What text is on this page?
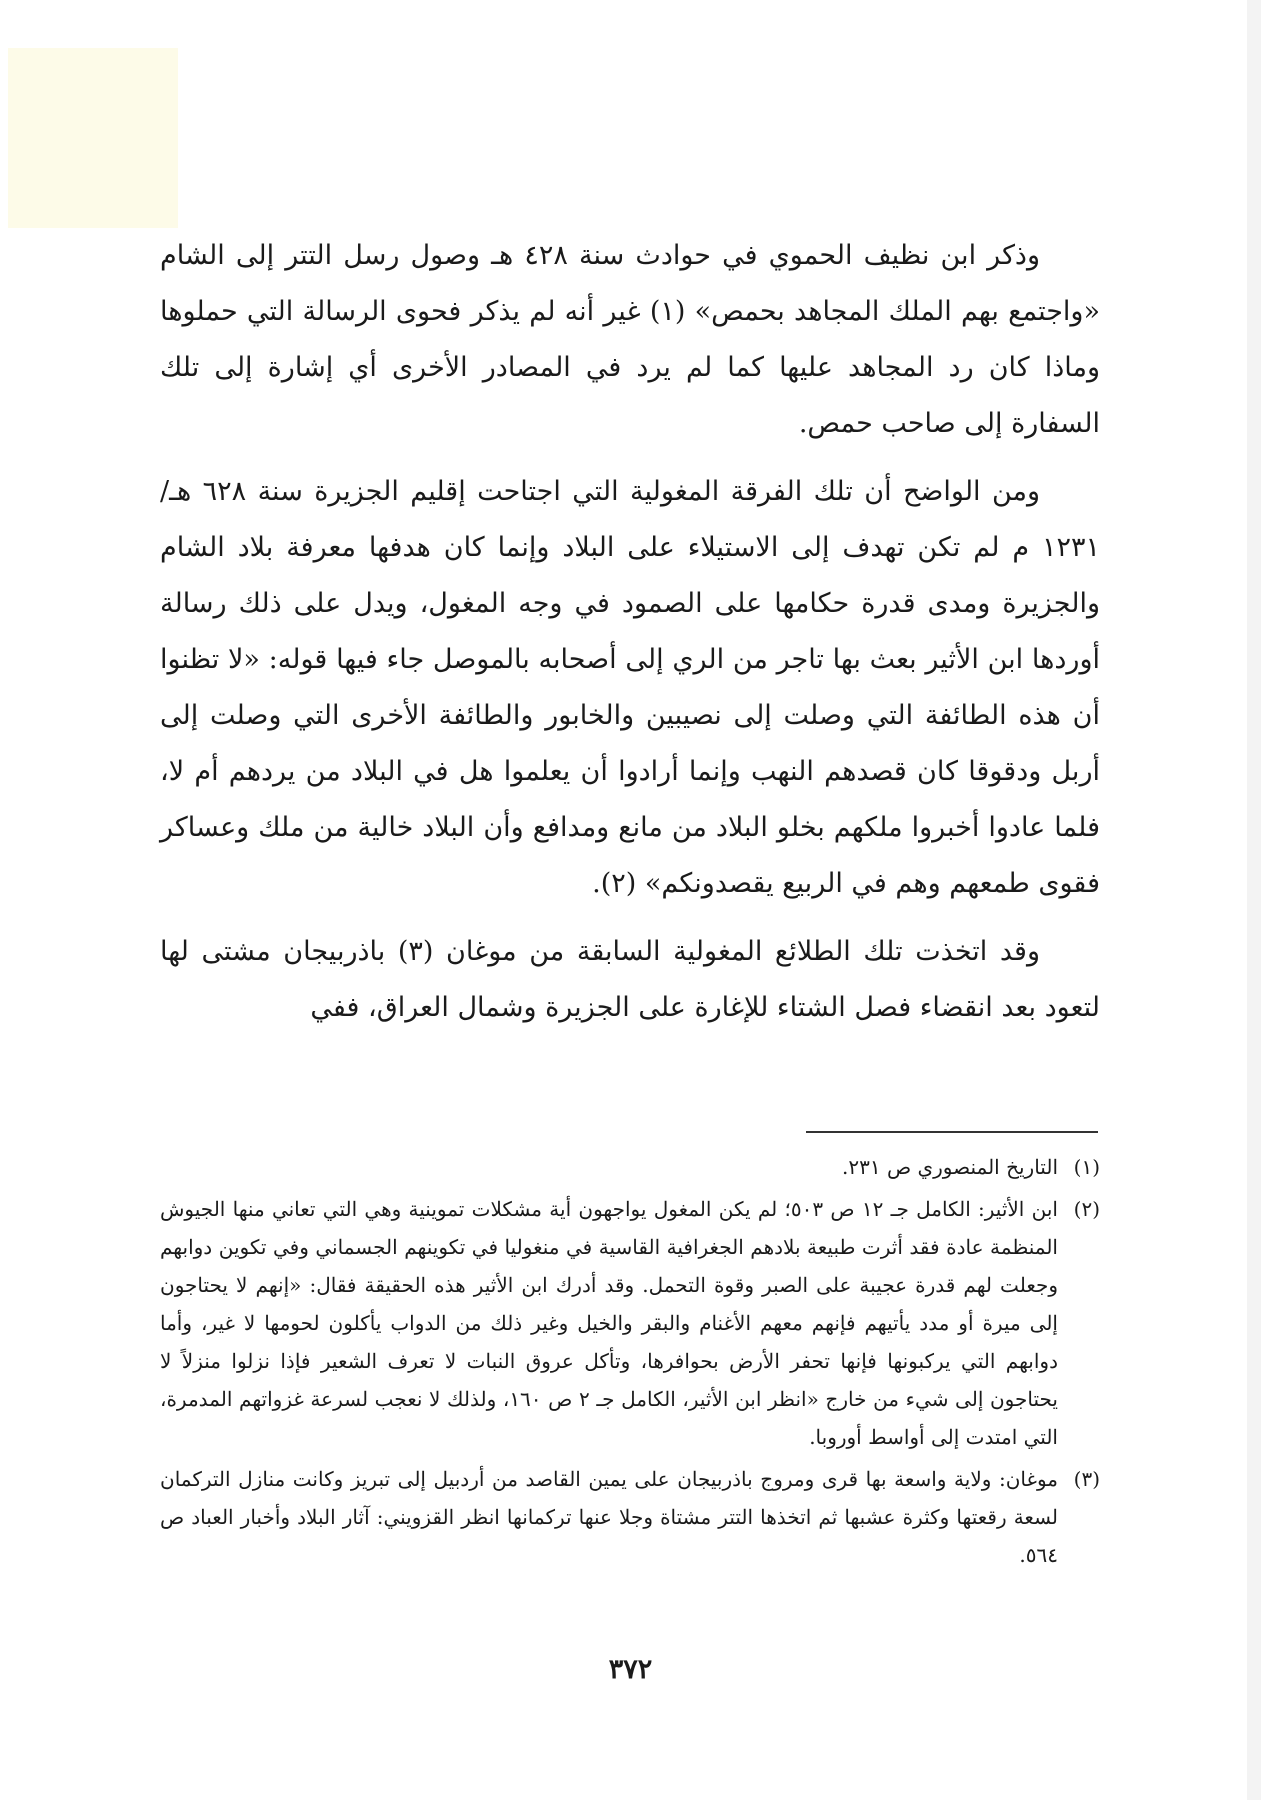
وذكر ابن نظيف الحموي في حوادث سنة ٤٢٨ هـ وصول رسل التتر إلى الشام «واجتمع بهم الملك المجاهد بحمص» (١) غير أنه لم يذكر فحوى الرسالة التي حملوها وماذا كان رد المجاهد عليها كما لم يرد في المصادر الأخرى أي إشارة إلى تلك السفارة إلى صاحب حمص.

ومن الواضح أن تلك الفرقة المغولية التي اجتاحت إقليم الجزيرة سنة ٦٢٨ هـ/ ١٢٣١ م لم تكن تهدف إلى الاستيلاء على البلاد وإنما كان هدفها معرفة بلاد الشام والجزيرة ومدى قدرة حكامها على الصمود في وجه المغول، ويدل على ذلك رسالة أوردها ابن الأثير بعث بها تاجر من الري إلى أصحابه بالموصل جاء فيها قوله: «لا تظنوا أن هذه الطائفة التي وصلت إلى نصيبين والخابور والطائفة الأخرى التي وصلت إلى أربل ودقوقا كان قصدهم النهب وإنما أرادوا أن يعلموا هل في البلاد من يردهم أم لا، فلما عادوا أخبروا ملكهم بخلو البلاد من مانع ومدافع وأن البلاد خالية من ملك وعساكر فقوى طمعهم وهم في الربيع يقصدونكم» (٢).

وقد اتخذت تلك الطلائع المغولية السابقة من موغان (٣) باذربيجان مشتى لها لتعود بعد انقضاء فصل الشتاء للإغارة على الجزيرة وشمال العراق، ففي

(١)
التاريخ المنصوري ص ٢٣١.
(٢)
ابن الأثير: الكامل جـ ١٢ ص ٥٠٣؛ لم يكن المغول يواجهون أية مشكلات تموينية وهي التي تعاني منها الجيوش المنظمة عادة فقد أثرت طبيعة بلادهم الجغرافية القاسية في منغوليا في تكوينهم الجسماني وفي تكوين دوابهم وجعلت لهم قدرة عجيبة على الصبر وقوة التحمل. وقد أدرك ابن الأثير هذه الحقيقة فقال: «إنهم لا يحتاجون إلى ميرة أو مدد يأتيهم فإنهم معهم الأغنام والبقر والخيل وغير ذلك من الدواب يأكلون لحومها لا غير، وأما دوابهم التي يركبونها فإنها تحفر الأرض بحوافرها، وتأكل عروق النبات لا تعرف الشعير فإذا نزلوا منزلاً لا يحتاجون إلى شيء من خارج «انظر ابن الأثير، الكامل جـ ٢ ص ١٦٠، ولذلك لا نعجب لسرعة غزواتهم المدمرة، التي امتدت إلى أواسط أوروبا.
(٣)
موغان: ولاية واسعة بها قرى ومروج باذربيجان على يمين القاصد من أردبيل إلى تبريز وكانت منازل التركمان لسعة رقعتها وكثرة عشبها ثم اتخذها التتر مشتاة وجلا عنها تركمانها انظر القزويني: آثار البلاد وأخبار العباد ص ٥٦٤.
٣٧٢
